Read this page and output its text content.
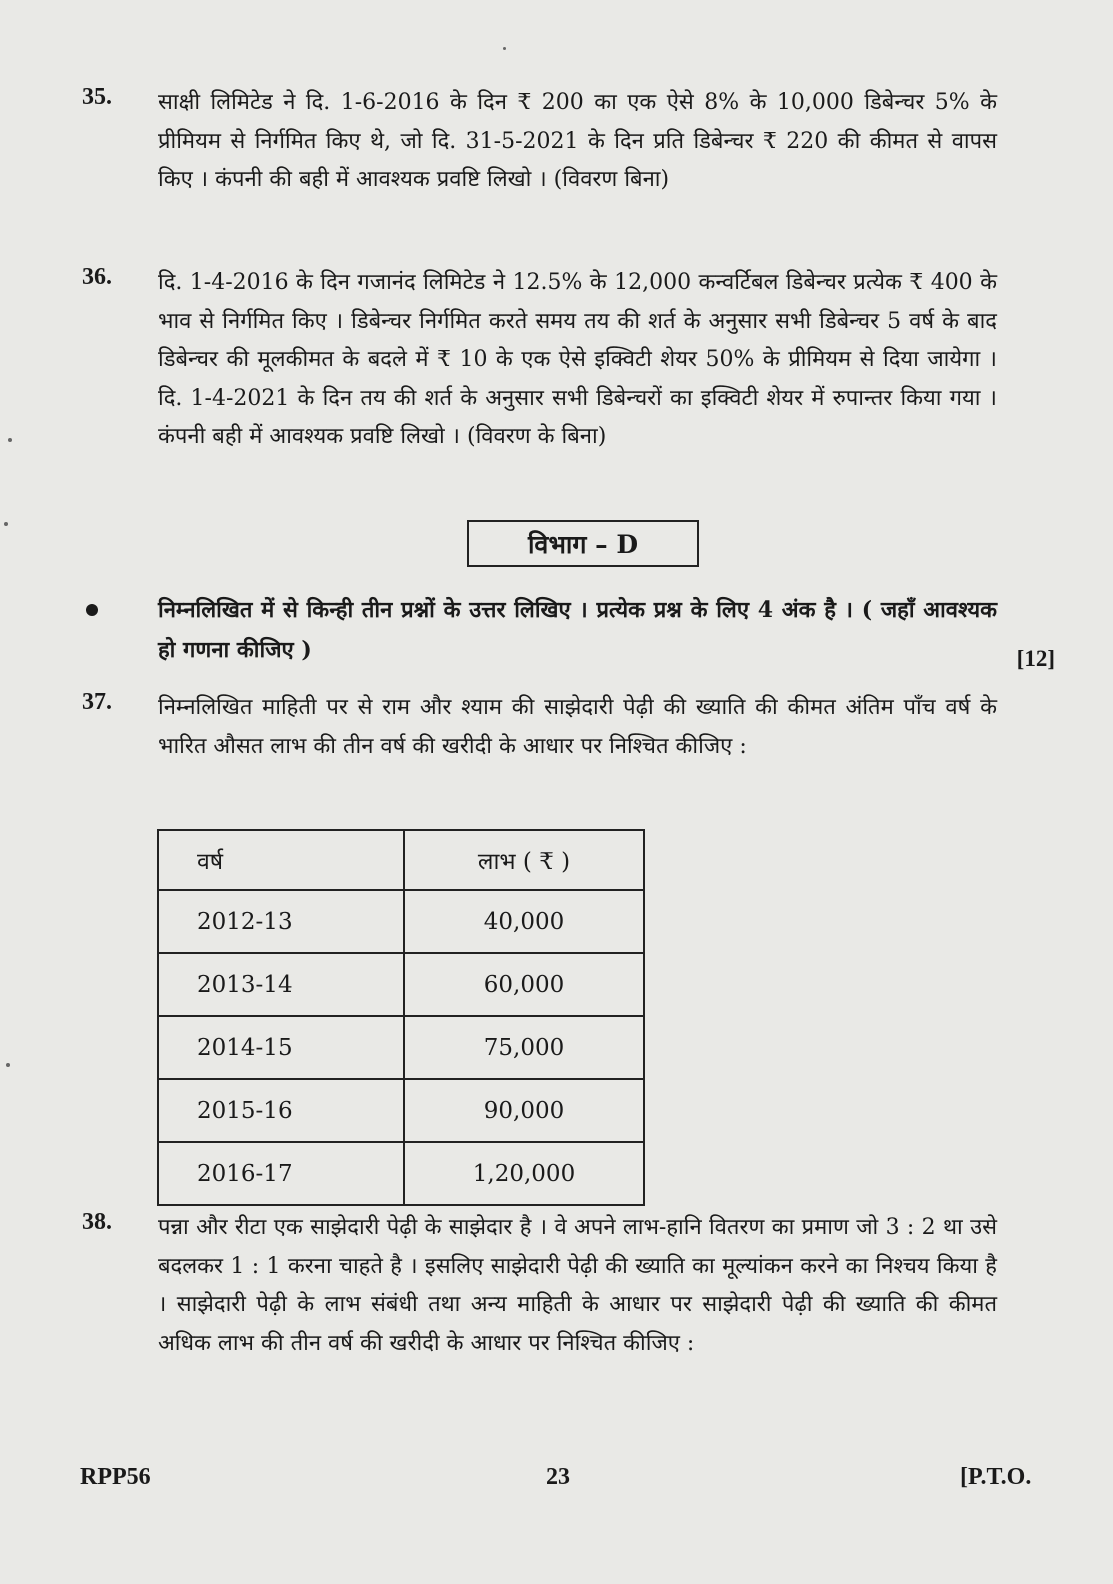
35. साक्षी लिमिटेड ने दि. 1-6-2016 के दिन ₹ 200 का एक ऐसे 8% के 10,000 डिबेन्चर 5% के प्रीमियम से निर्गमित किए थे, जो दि. 31-5-2021 के दिन प्रति डिबेन्चर ₹ 220 की कीमत से वापस किए । कंपनी की बही में आवश्यक प्रवष्टि लिखो । (विवरण बिना)
36. दि. 1-4-2016 के दिन गजानंद लिमिटेड ने 12.5% के 12,000 कन्वर्टिबल डिबेन्चर प्रत्येक ₹ 400 के भाव से निर्गमित किए । डिबेन्चर निर्गमित करते समय तय की शर्त के अनुसार सभी डिबेन्चर 5 वर्ष के बाद डिबेन्चर की मूलकीमत के बदले में ₹ 10 के एक ऐसे इक्विटी शेयर 50% के प्रीमियम से दिया जायेगा । दि. 1-4-2021 के दिन तय की शर्त के अनुसार सभी डिबेन्चरों का इक्विटी शेयर में रुपान्तर किया गया । कंपनी बही में आवश्यक प्रवष्टि लिखो । (विवरण के बिना)
विभाग – D
निम्नलिखित में से किन्ही तीन प्रश्नों के उत्तर लिखिए । प्रत्येक प्रश्न के लिए 4 अंक है । ( जहाँ आवश्यक हो गणना कीजिए )	[12]
37. निम्नलिखित माहिती पर से राम और श्याम की साझेदारी पेढ़ी की ख्याति की कीमत अंतिम पाँच वर्ष के भारित औसत लाभ की तीन वर्ष की खरीदी के आधार पर निश्चित कीजिए :
वर्ष	लाभ ( ₹ )
2012-13	40,000
2013-14	60,000
2014-15	75,000
2015-16	90,000
2016-17	1,20,000
38. पन्ना और रीटा एक साझेदारी पेढ़ी के साझेदार है । वे अपने लाभ-हानि वितरण का प्रमाण जो 3 : 2 था उसे बदलकर 1 : 1 करना चाहते है । इसलिए साझेदारी पेढ़ी की ख्याति का मूल्यांकन करने का निश्चय किया है । साझेदारी पेढ़ी के लाभ संबंधी तथा अन्य माहिती के आधार पर साझेदारी पेढ़ी की ख्याति की कीमत अधिक लाभ की तीन वर्ष की खरीदी के आधार पर निश्चित कीजिए :
RPP56	23	[P.T.O.
